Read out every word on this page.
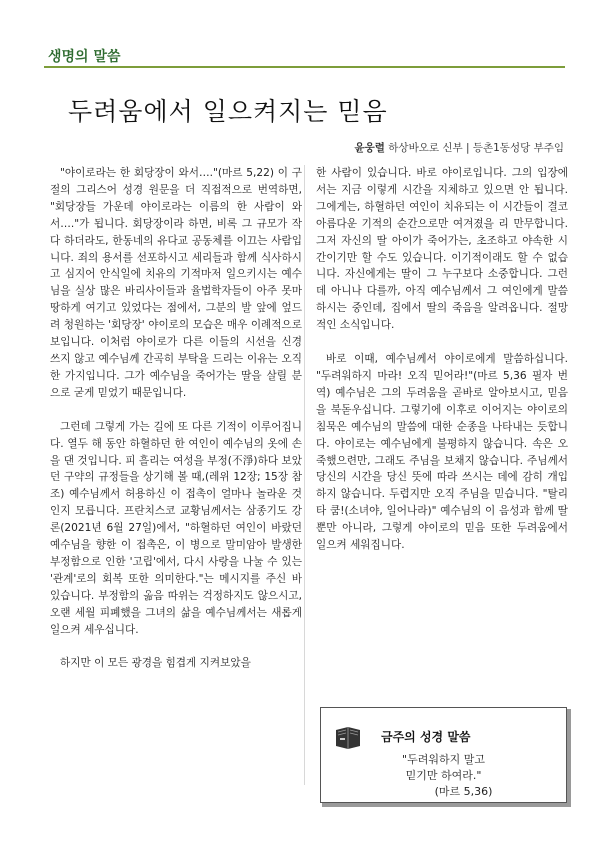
생명의 말씀
두려움에서 일으켜지는 믿음
윤웅렬 하상바오로 신부 | 등촌1동성당 부주임

"야이로라는 한 회당장이 와서…."(마르 5,22) 이 구절의 그리스어 성경 원문을 더 직접적으로 번역하면, "회당장들 가운데 야이로라는 이름의 한 사람이 와서…."가 됩니다. 회당장이라 하면, 비록 그 규모가 작다 하더라도, 한동네의 유다교 공동체를 이끄는 사람입니다. 죄의 용서를 선포하시고 세리들과 함께 식사하시고 심지어 안식일에 치유의 기적마저 일으키시는 예수님을 실상 많은 바리사이들과 율법학자들이 아주 못마땅하게 여기고 있었다는 점에서, 그분의 발 앞에 엎드려 청원하는 '회당장' 야이로의 모습은 매우 이례적으로 보입니다. 이처럼 야이로가 다른 이들의 시선을 신경 쓰지 않고 예수님께 간곡히 부탁을 드리는 이유는 오직 한 가지입니다. 그가 예수님을 죽어가는 딸을 살릴 분으로 굳게 믿었기 때문입니다.

그런데 그렇게 가는 길에 또 다른 기적이 이루어집니다. 열두 해 동안 하혈하던 한 여인이 예수님의 옷에 손을 댄 것입니다. 피 흘리는 여성을 부정(不淨)하다 보았던 구약의 규정들을 상기해 볼 때,(레위 12장; 15장 참조) 예수님께서 허용하신 이 접촉이 얼마나 놀라운 것인지 모릅니다. 프란치스코 교황님께서는 삼종기도 강론(2021년 6월 27일)에서, "하혈하던 여인이 바랐던 예수님을 향한 이 접촉은, 이 병으로 말미암아 발생한 부정함으로 인한 '고립'에서, 다시 사랑을 나눌 수 있는 '관계'로의 회복 또한 의미한다."는 메시지를 주신 바 있습니다. 부정함의 옮음 따위는 걱정하지도 않으시고, 오랜 세월 피폐했을 그녀의 삶을 예수님께서는 새롭게 일으켜 세우십니다.

하지만 이 모든 광경을 힘겹게 지켜보았을

한 사람이 있습니다. 바로 야이로입니다. 그의 입장에서는 지금 이렇게 시간을 지체하고 있으면 안 됩니다. 그에게는, 하혈하던 여인이 치유되는 이 시간들이 결코 아름다운 기적의 순간으로만 여겨졌을 리 만무합니다. 그저 자신의 딸 아이가 죽어가는, 초조하고 야속한 시간이기만 할 수도 있습니다. 이기적이래도 할 수 없습니다. 자신에게는 딸이 그 누구보다 소중합니다. 그런데 아니나 다를까, 아직 예수님께서 그 여인에게 말씀하시는 중인데, 집에서 딸의 죽음을 알려옵니다. 절망적인 소식입니다.

바로 이때, 예수님께서 야이로에게 말씀하십니다. "두려워하지 마라! 오직 믿어라!"(마르 5,36 필자 번역) 예수님은 그의 두려움을 곧바로 알아보시고, 믿음을 북돋우십니다. 그렇기에 이후로 이어지는 야이로의 침묵은 예수님의 말씀에 대한 순종을 나타내는 듯합니다. 야이로는 예수님에게 불평하지 않습니다. 속은 오죽했으련만, 그래도 주님을 보채지 않습니다. 주님께서 당신의 시간을 당신 뜻에 따라 쓰시는 데에 감히 개입하지 않습니다. 두렵지만 오직 주님을 믿습니다. "탈리타 쿰!(소녀야, 일어나라)" 예수님의 이 음성과 함께 딸뿐만 아니라, 그렇게 야이로의 믿음 또한 두려움에서 일으켜 세워집니다.

금주의 성경 말씀
"두려워하지 말고
믿기만 하여라."
(마르 5,36)
